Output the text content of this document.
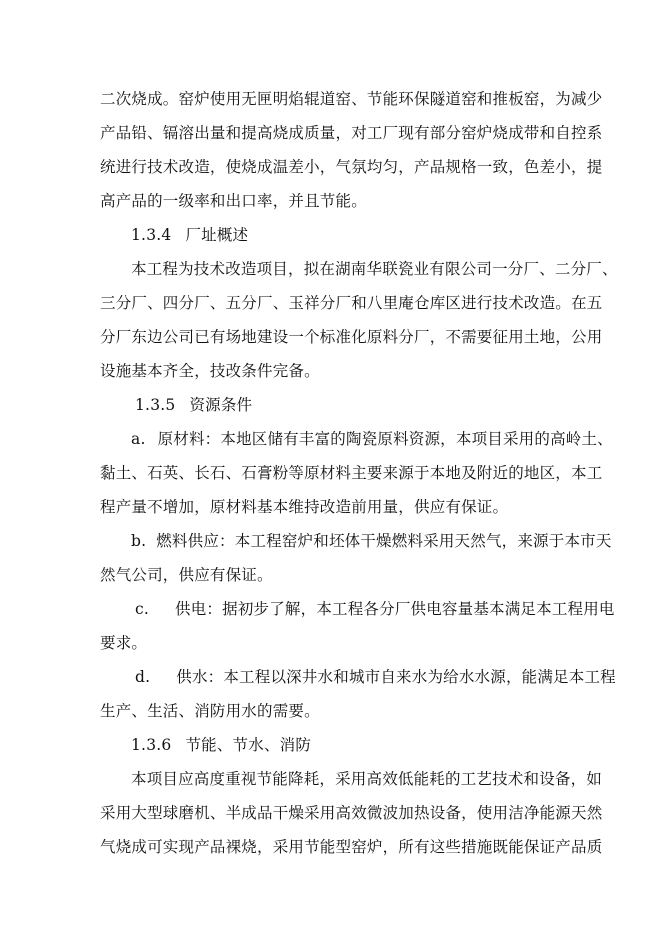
二次烧成。窑炉使用无匣明焰辊道窑、节能环保隧道窑和推板窑，为减少
产品铅、镉溶出量和提高烧成质量，对工厂现有部分窑炉烧成带和自控系
统进行技术改造，使烧成温差小，气氛均匀，产品规格一致，色差小，提
高产品的一级率和出口率，并且节能。
1.3.4 厂址概述
本工程为技术改造项目，拟在湖南华联瓷业有限公司一分厂、二分厂、
三分厂、四分厂、五分厂、玉祥分厂和八里庵仓库区进行技术改造。在五
分厂东边公司已有场地建设一个标准化原料分厂，不需要征用土地，公用
设施基本齐全，技改条件完备。
1.3.5 资源条件
a. 原材料：本地区储有丰富的陶瓷原料资源，本项目采用的高岭土、
黏土、石英、长石、石膏粉等原材料主要来源于本地及附近的地区，本工
程产量不增加，原材料基本维持改造前用量，供应有保证。
b. 燃料供应：本工程窑炉和坯体干燥燃料采用天然气，来源于本市天
然气公司，供应有保证。
c. 供电：据初步了解，本工程各分厂供电容量基本满足本工程用电
要求。
d. 供水：本工程以深井水和城市自来水为给水水源，能满足本工程
生产、生活、消防用水的需要。
1.3.6 节能、节水、消防
本项目应高度重视节能降耗，采用高效低能耗的工艺技术和设备，如
采用大型球磨机、半成品干燥采用高效微波加热设备，使用洁净能源天然
气烧成可实现产品裸烧，采用节能型窑炉，所有这些措施既能保证产品质
